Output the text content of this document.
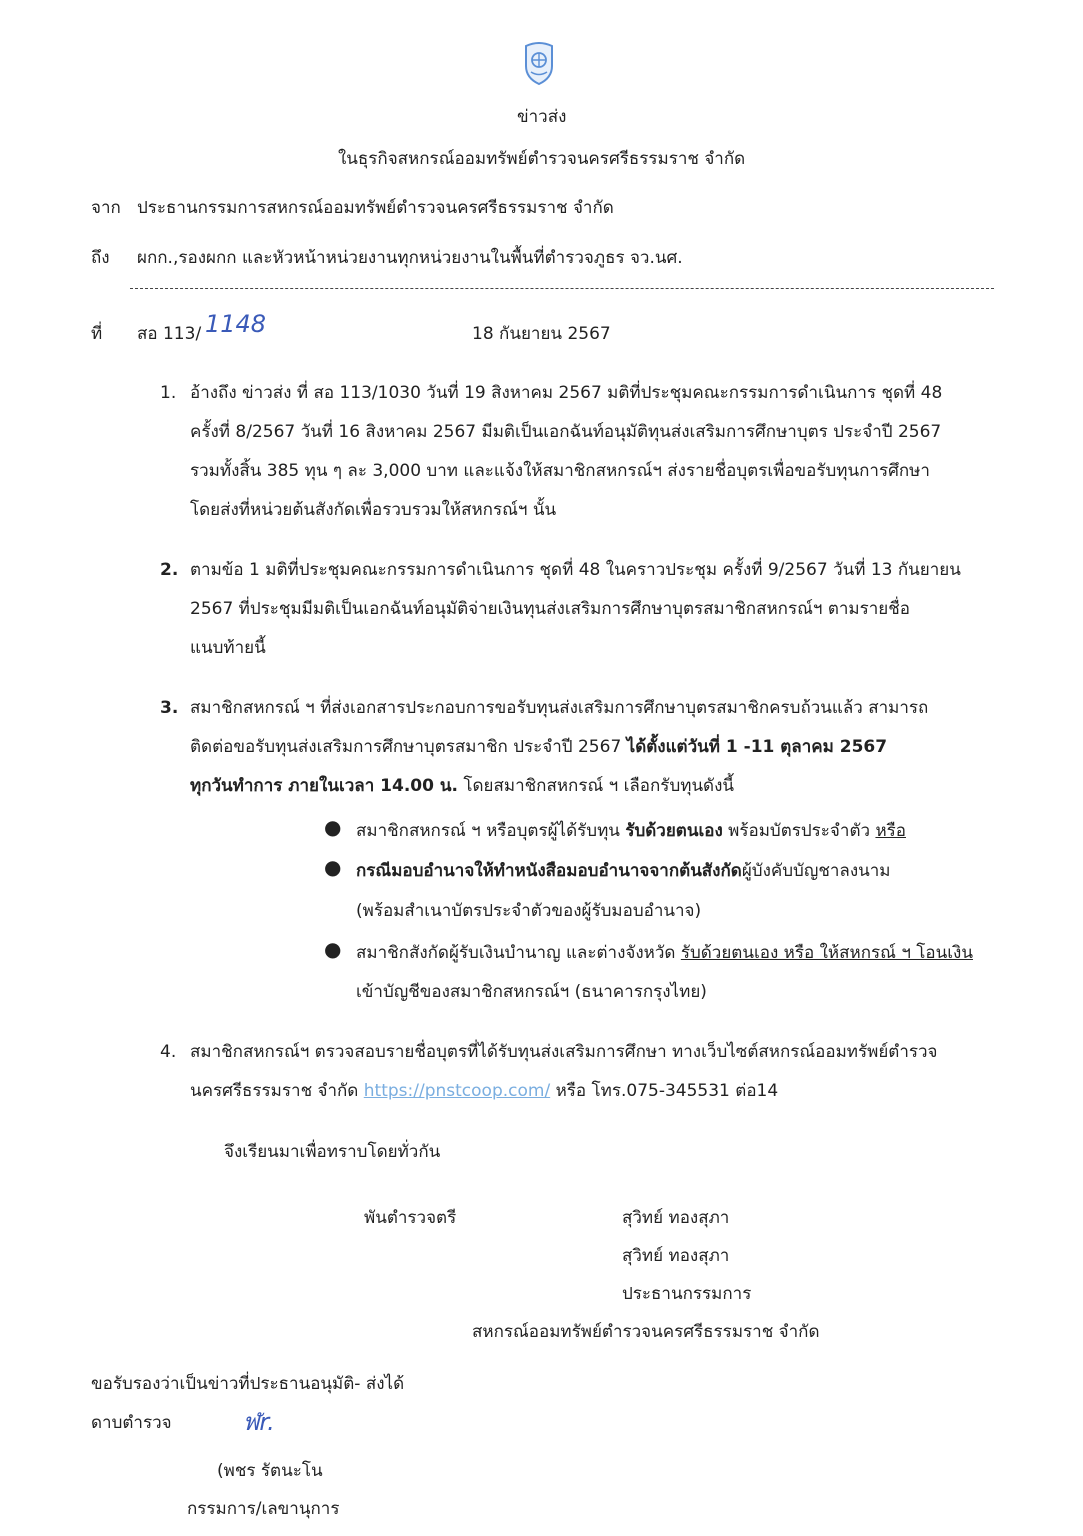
ข่าวส่ง
ในธุรกิจสหกรณ์ออมทรัพย์ตำรวจนครศรีธรรมราช จำกัด
จาก ประธานกรรมการสหกรณ์ออมทรัพย์ตำรวจนครศรีธรรมราช จำกัด
ถึง ผกก.,รองผกก และหัวหน้าหน่วยงานทุกหน่วยงานในพื้นที่ตำรวจภูธร จว.นศ.
ที่ สอ 113/ 1148	18 กันยายน 2567
1. อ้างถึง ข่าวส่ง ที่ สอ 113/1030 วันที่ 19 สิงหาคม 2567 มติที่ประชุมคณะกรรมการดำเนินการ ชุดที่ 48
ครั้งที่ 8/2567 วันที่ 16 สิงหาคม 2567 มีมติเป็นเอกฉันท์อนุมัติทุนส่งเสริมการศึกษาบุตร ประจำปี 2567
รวมทั้งสิ้น 385 ทุน ๆ ละ 3,000 บาท และแจ้งให้สมาชิกสหกรณ์ฯ ส่งรายชื่อบุตรเพื่อขอรับทุนการศึกษา
โดยส่งที่หน่วยต้นสังกัดเพื่อรวบรวมให้สหกรณ์ฯ นั้น
2. ตามข้อ 1 มติที่ประชุมคณะกรรมการดำเนินการ ชุดที่ 48 ในคราวประชุม ครั้งที่ 9/2567 วันที่ 13 กันยายน
2567 ที่ประชุมมีมติเป็นเอกฉันท์อนุมัติจ่ายเงินทุนส่งเสริมการศึกษาบุตรสมาชิกสหกรณ์ฯ ตามรายชื่อ
แนบท้ายนี้
3. สมาชิกสหกรณ์ ฯ ที่ส่งเอกสารประกอบการขอรับทุนส่งเสริมการศึกษาบุตรสมาชิกครบถ้วนแล้ว สามารถ
ติดต่อขอรับทุนส่งเสริมการศึกษาบุตรสมาชิก ประจำปี 2567 ได้ตั้งแต่วันที่ 1 -11 ตุลาคม 2567
ทุกวันทำการ ภายในเวลา 14.00 น. โดยสมาชิกสหกรณ์ ฯ เลือกรับทุนดังนี้
● สมาชิกสหกรณ์ ฯ หรือบุตรผู้ได้รับทุน รับด้วยตนเอง พร้อมบัตรประจำตัว หรือ
● กรณีมอบอำนาจให้ทำหนังสือมอบอำนาจจากต้นสังกัดผู้บังคับบัญชาลงนาม
(พร้อมสำเนาบัตรประจำตัวของผู้รับมอบอำนาจ)
● สมาชิกสังกัดผู้รับเงินบำนาญ และต่างจังหวัด รับด้วยตนเอง หรือ ให้สหกรณ์ ฯ โอนเงิน
เข้าบัญชีของสมาชิกสหกรณ์ฯ (ธนาคารกรุงไทย)
4. สมาชิกสหกรณ์ฯ ตรวจสอบรายชื่อบุตรที่ได้รับทุนส่งเสริมการศึกษา ทางเว็บไซต์สหกรณ์ออมทรัพย์ตำรวจ
นครศรีธรรมราช จำกัด https://pnstcoop.com/ หรือ โทร.075-345531 ต่อ14
จึงเรียนมาเพื่อทราบโดยทั่วกัน
พันตำรวจตรี	สุวิทย์ ทองสุภา
สุวิทย์ ทองสุภา
ประธานกรรมการ
สหกรณ์ออมทรัพย์ตำรวจนครศรีธรรมราช จำกัด
ขอรับรองว่าเป็นข่าวที่ประธานอนุมัติ- ส่งได้
ดาบตำรวจ	ฬr.
(พชร รัตนะโน
กรรมการ/เลขานุการ
